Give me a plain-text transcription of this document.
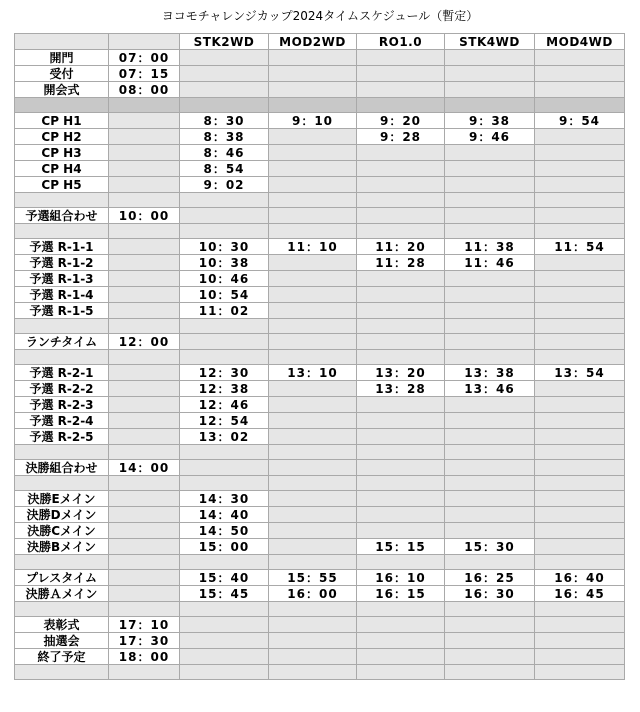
ヨコモチャレンジカップ2024タイムスケジュール（暫定）
		STK2WD	MOD2WD	RO1.0	STK4WD	MOD4WD
開門	07：00					
受付	07：15					
開会式	08：00					

CP H1		8：30	9：10	9：20	9：38	9：54
CP H2		8：38		9：28	9：46	
CP H3		8：46				
CP H4		8：54				
CP H5		9：02				

予選組合わせ	10：00					

予選 R-1-1		10：30	11：10	11：20	11：38	11：54
予選 R-1-2		10：38		11：28	11：46	
予選 R-1-3		10：46				
予選 R-1-4		10：54				
予選 R-1-5		11：02				

ランチタイム	12：00					

予選 R-2-1		12：30	13：10	13：20	13：38	13：54
予選 R-2-2		12：38		13：28	13：46	
予選 R-2-3		12：46				
予選 R-2-4		12：54				
予選 R-2-5		13：02				

決勝組合わせ	14：00					

決勝Eメイン		14：30				
決勝Dメイン		14：40				
決勝Cメイン		14：50				
決勝Bメイン		15：00		15：15	15：30	

プレスタイム		15：40	15：55	16：10	16：25	16：40
決勝Ａメイン		15：45	16：00	16：15	16：30	16：45

表彰式	17：10					
抽選会	17：30					
終了予定	18：00					
